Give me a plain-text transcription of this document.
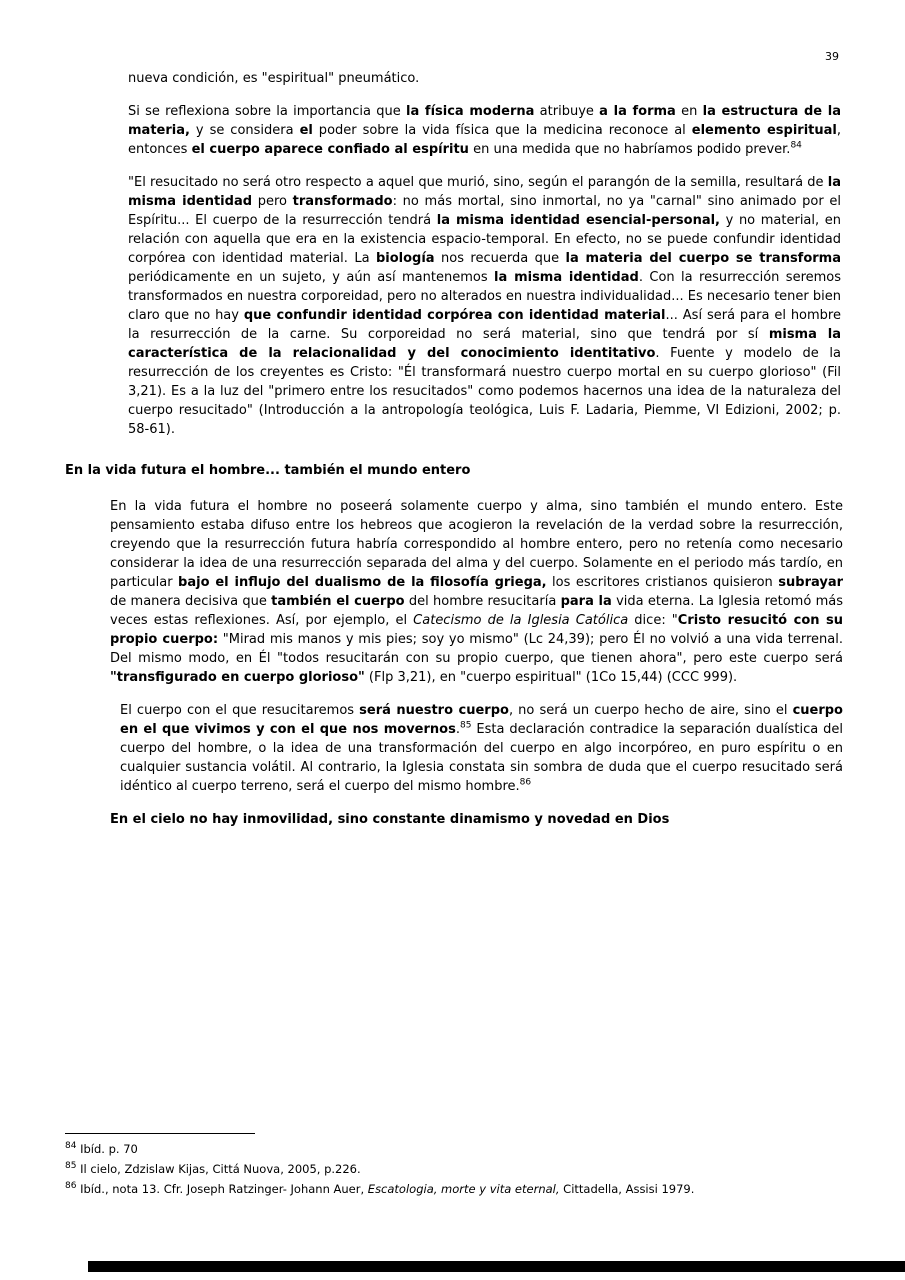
39

nueva condición, es "espiritual" pneumático.

Si se reflexiona sobre la importancia que la física moderna atribuye a la forma en la estructura de la materia, y se considera el poder sobre la vida física que la medicina reconoce al elemento espiritual, entonces el cuerpo aparece confiado al espíritu en una medida que no habríamos podido prever.$^{84}$

"El resucitado no será otro respecto a aquel que murió, sino, según el parangón de la semilla, resultará de la misma identidad pero transformado: no más mortal, sino inmortal, no ya "carnal" sino animado por el Espíritu... El cuerpo de la resurrección tendrá la misma identidad esencial-personal, y no material, en relación con aquella que era en la existencia espacio-temporal. En efecto, no se puede confundir identidad corpórea con identidad material. La biología nos recuerda que la materia del cuerpo se transforma periódicamente en un sujeto, y aún así mantenemos la misma identidad. Con la resurrección seremos transformados en nuestra corporeidad, pero no alterados en nuestra individualidad... Es necesario tener bien claro que no hay que confundir identidad corpórea con identidad material... Así será para el hombre la resurrección de la carne. Su corporeidad no será material, sino que tendrá por sí misma la característica de la relacionalidad y del conocimiento identitativo. Fuente y modelo de la resurrección de los creyentes es Cristo: "Él transformará nuestro cuerpo mortal en su cuerpo glorioso" (Fil 3,21). Es a la luz del "primero entre los resucitados" como podemos hacernos una idea de la naturaleza del cuerpo resucitado" (Introducción a la antropología teológica, Luis F. Ladaria, Piemme, VI Edizioni, 2002; p. 58-61).

En la vida futura el hombre... también el mundo entero

En la vida futura el hombre no poseerá solamente cuerpo y alma, sino también el mundo entero. Este pensamiento estaba difuso entre los hebreos que acogieron la revelación de la verdad sobre la resurrección, creyendo que la resurrección futura habría correspondido al hombre entero, pero no retenía como necesario considerar la idea de una resurrección separada del alma y del cuerpo. Solamente en el periodo más tardío, en particular bajo el influjo del dualismo de la filosofía griega, los escritores cristianos quisieron subrayar de manera decisiva que también el cuerpo del hombre resucitaría para la vida eterna. La Iglesia retomó más veces estas reflexiones. Así, por ejemplo, el Catecismo de la Iglesia Católica dice: "Cristo resucitó con su propio cuerpo: "Mirad mis manos y mis pies; soy yo mismo" (Lc 24,39); pero Él no volvió a una vida terrenal. Del mismo modo, en Él "todos resucitarán con su propio cuerpo, que tienen ahora", pero este cuerpo será "transfigurado en cuerpo glorioso" (Flp 3,21), en "cuerpo espiritual" (1Co 15,44) (CCC 999).

El cuerpo con el que resucitaremos será nuestro cuerpo, no será un cuerpo hecho de aire, sino el cuerpo en el que vivimos y con el que nos movernos.$^{85}$ Esta declaración contradice la separación dualística del cuerpo del hombre, o la idea de una transformación del cuerpo en algo incorpóreo, en puro espíritu o en cualquier sustancia volátil. Al contrario, la Iglesia constata sin sombra de duda que el cuerpo resucitado será idéntico al cuerpo terreno, será el cuerpo del mismo hombre.$^{86}$

En el cielo no hay inmovilidad, sino constante dinamismo y novedad en Dios

$^{84}$ Ibíd. p. 70

$^{85}$ Il cielo, Zdzislaw Kijas, Cittá Nuova, 2005, p.226.

$^{86}$ Ibíd., nota 13. Cfr. Joseph Ratzinger- Johann Auer, Escatologia, morte y vita eternal, Cittadella, Assisi 1979.
